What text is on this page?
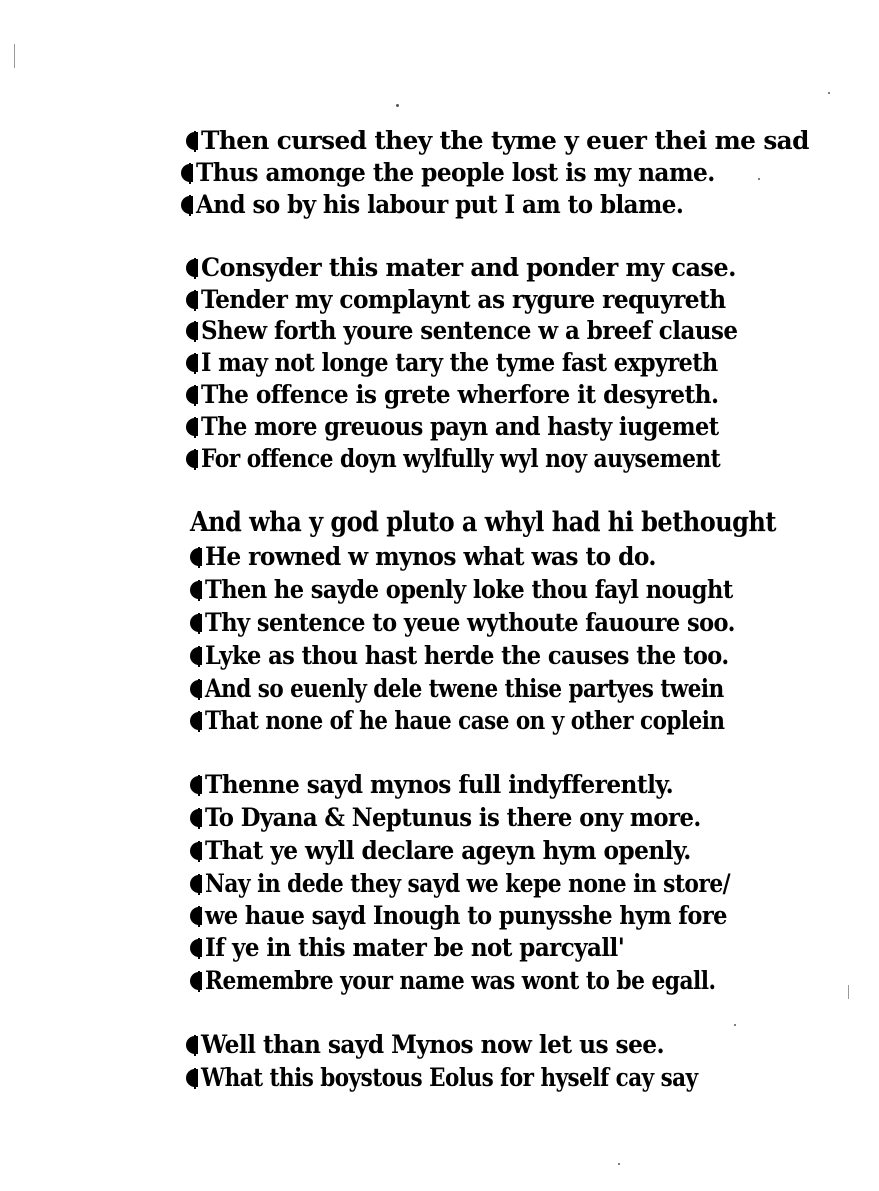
Then cursed they the tyme y euer thei me sad
Thus amonge the people lost is my name.
And so by his labour put I am to blame.
Consyder this mater and ponder my case.
Tender my complaynt as rygure requyreth
Shew forth youre sentence w a breef clause
I may not longe tary the tyme fast expyreth
The offence is grete wherfore it desyreth.
The more greuous payn and hasty iugemet
For offence doyn wylfully wyl noy auysement
And wha y god pluto a whyl had hi bethought
He rowned w mynos what was to do.
Then he sayde openly loke thou fayl nought
Thy sentence to yeue wythoute fauoure soo.
Lyke as thou hast herde the causes the too.
And so euenly dele twene thise partyes twein
That none of he haue case on y other coplein
Thenne sayd mynos full indyfferently.
To Dyana & Neptunus is there ony more.
That ye wyll declare ageyn hym openly.
Nay in dede they sayd we kepe none in store/
we haue sayd Inough to punysshe hym fore
If ye in this mater be not parcyall'
Remembre your name was wont to be egall.
Well than sayd Mynos now let us see.
What this boystous Eolus for hyself cay say
